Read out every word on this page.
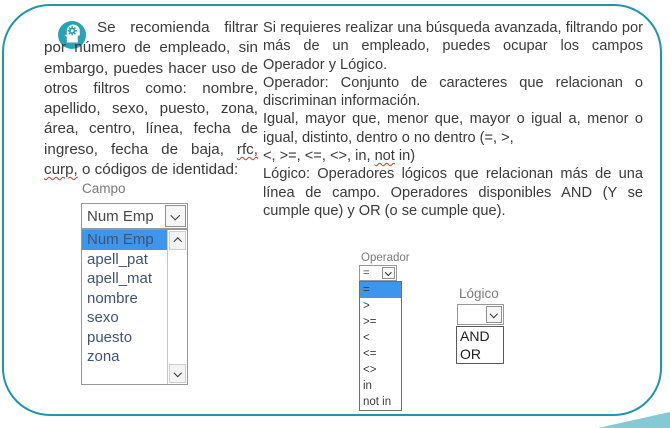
Se recomienda filtrar por número de empleado, sin embargo, puedes hacer uso de otros filtros como: nombre, apellido, sexo, puesto, zona, área, centro, línea, fecha de ingreso, fecha de baja, rfc, curp, o códigos de identidad:

Si requieres realizar una búsqueda avanzada, filtrando por más de un empleado, puedes ocupar los campos Operador y Lógico.

Operador: Conjunto de caracteres que relacionan o discriminan información.

Igual, mayor que, menor que, mayor o igual a, menor o igual, distinto, dentro o no dentro (=, >,

<, >=, <=, <>, in, not in)

Lógico: Operadores lógicos que relacionan más de una línea de campo. Operadores disponibles AND (Y se cumple que) y OR (o se cumple que).

Campo
Num Emp
Num Emp
apell_pat
apell_mat
nombre
sexo
puesto
zona
Operador
=
=
>
>=
<
<=
<>
in
not in
Lógico
AND
OR
